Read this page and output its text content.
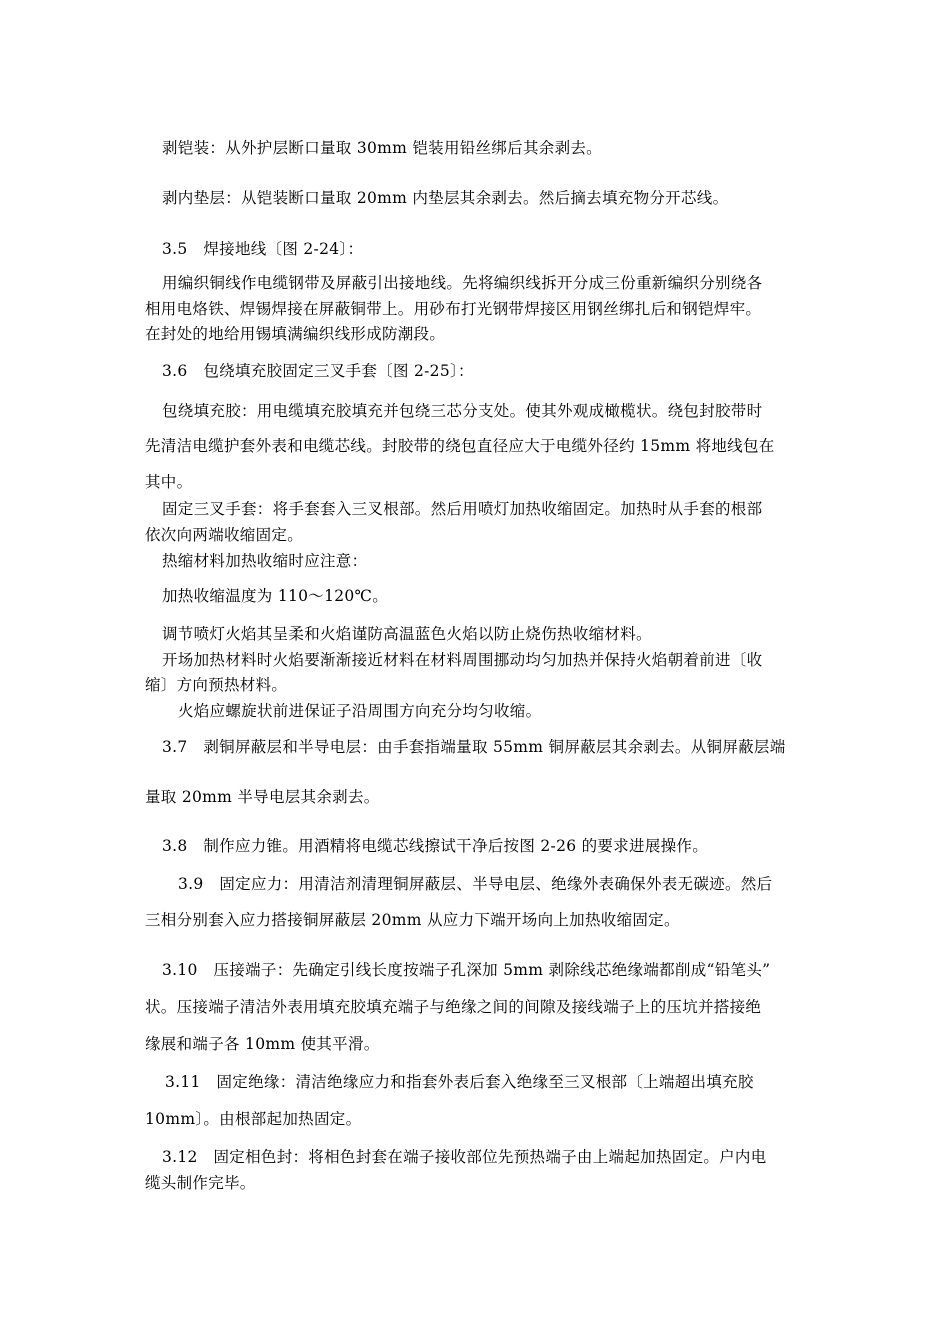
剥铠装：从外护层断口量取 30mm 铠装用铅丝绑后其余剥去。
剥内垫层：从铠装断口量取 20mm 内垫层其余剥去。然后摘去填充物分开芯线。
3.5　焊接地线〔图 2-24〕：
用编织铜线作电缆钢带及屏蔽引出接地线。先将编织线拆开分成三份重新编织分别绕各
相用电烙铁、焊锡焊接在屏蔽铜带上。用砂布打光钢带焊接区用钢丝绑扎后和钢铠焊牢。
在封处的地给用锡填满编织线形成防潮段。
3.6　包绕填充胶固定三叉手套〔图 2-25〕：
包绕填充胶：用电缆填充胶填充并包绕三芯分支处。使其外观成橄榄状。绕包封胶带时
先清洁电缆护套外表和电缆芯线。封胶带的绕包直径应大于电缆外径约 15mm 将地线包在
其中。
固定三叉手套：将手套套入三叉根部。然后用喷灯加热收缩固定。加热时从手套的根部
依次向两端收缩固定。
热缩材料加热收缩时应注意：
加热收缩温度为 110～120℃。
调节喷灯火焰其呈柔和火焰谨防高温蓝色火焰以防止烧伤热收缩材料。
开场加热材料时火焰要渐渐接近材料在材料周围挪动均匀加热并保持火焰朝着前进〔收
缩〕方向预热材料。
火焰应螺旋状前进保证子沿周围方向充分均匀收缩。
3.7　剥铜屏蔽层和半导电层：由手套指端量取 55mm 铜屏蔽层其余剥去。从铜屏蔽层端
量取 20mm 半导电层其余剥去。
3.8　制作应力锥。用酒精将电缆芯线擦试干净后按图 2-26 的要求进展操作。
3.9　固定应力：用清洁剂清理铜屏蔽层、半导电层、绝缘外表确保外表无碳迹。然后
三相分别套入应力搭接铜屏蔽层 20mm 从应力下端开场向上加热收缩固定。
3.10　压接端子：先确定引线长度按端子孔深加 5mm 剥除线芯绝缘端都削成“铅笔头”
状。压接端子清洁外表用填充胶填充端子与绝缘之间的间隙及接线端子上的压坑并搭接绝
缘展和端子各 10mm 使其平滑。
3.11　固定绝缘：清洁绝缘应力和指套外表后套入绝缘至三叉根部〔上端超出填充胶
10mm〕。由根部起加热固定。
3.12　固定相色封：将相色封套在端子接收部位先预热端子由上端起加热固定。户内电
缆头制作完毕。
